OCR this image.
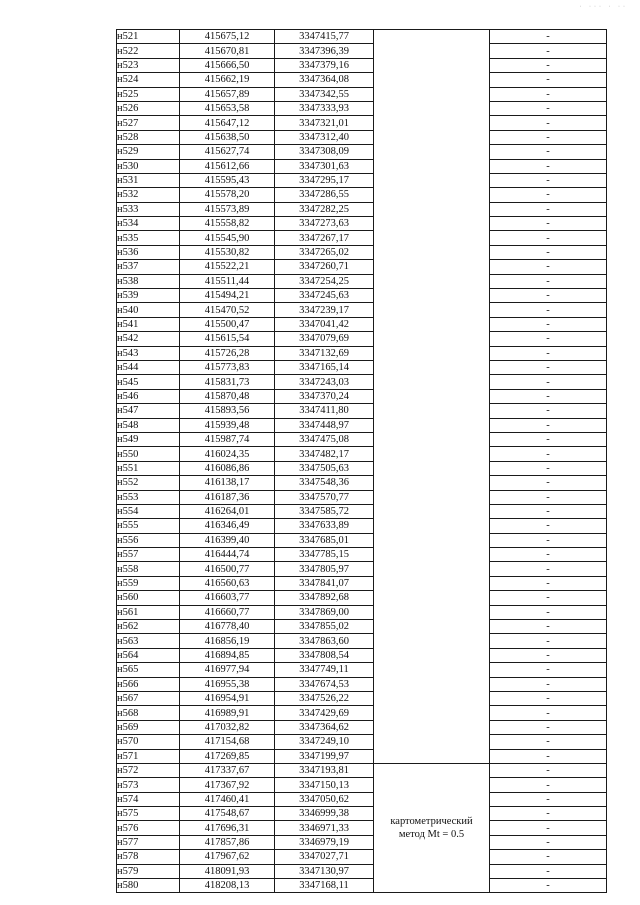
· ··· · ··
н521	415675,12	3347415,77		-
н522	415670,81	3347396,39		-
н523	415666,50	3347379,16		-
н524	415662,19	3347364,08		-
н525	415657,89	3347342,55		-
н526	415653,58	3347333,93		-
н527	415647,12	3347321,01		-
н528	415638,50	3347312,40		-
н529	415627,74	3347308,09		-
н530	415612,66	3347301,63		-
н531	415595,43	3347295,17		-
н532	415578,20	3347286,55		-
н533	415573,89	3347282,25		-
н534	415558,82	3347273,63		-
н535	415545,90	3347267,17		-
н536	415530,82	3347265,02		-
н537	415522,21	3347260,71		-
н538	415511,44	3347254,25		-
н539	415494,21	3347245,63		-
н540	415470,52	3347239,17		-
н541	415500,47	3347041,42		-
н542	415615,54	3347079,69		-
н543	415726,28	3347132,69		-
н544	415773,83	3347165,14		-
н545	415831,73	3347243,03		-
н546	415870,48	3347370,24		-
н547	415893,56	3347411,80		-
н548	415939,48	3347448,97		-
н549	415987,74	3347475,08		-
н550	416024,35	3347482,17		-
н551	416086,86	3347505,63		-
н552	416138,17	3347548,36		-
н553	416187,36	3347570,77		-
н554	416264,01	3347585,72		-
н555	416346,49	3347633,89		-
н556	416399,40	3347685,01		-
н557	416444,74	3347785,15		-
н558	416500,77	3347805,97		-
н559	416560,63	3347841,07		-
н560	416603,77	3347892,68		-
н561	416660,77	3347869,00		-
н562	416778,40	3347855,02		-
н563	416856,19	3347863,60		-
н564	416894,85	3347808,54		-
н565	416977,94	3347749,11		-
н566	416955,38	3347674,53		-
н567	416954,91	3347526,22		-
н568	416989,91	3347429,69		-
н569	417032,82	3347364,62		-
н570	417154,68	3347249,10		-
н571	417269,85	3347199,97		-
н572	417337,67	3347193,81	картометрический
метод Mt = 0.5	-
н573	417367,92	3347150,13		-
н574	417460,41	3347050,62		-
н575	417548,67	3346999,38		-
н576	417696,31	3346971,33		-
н577	417857,86	3346979,19		-
н578	417967,62	3347027,71		-
н579	418091,93	3347130,97		-
н580	418208,13	3347168,11		-
